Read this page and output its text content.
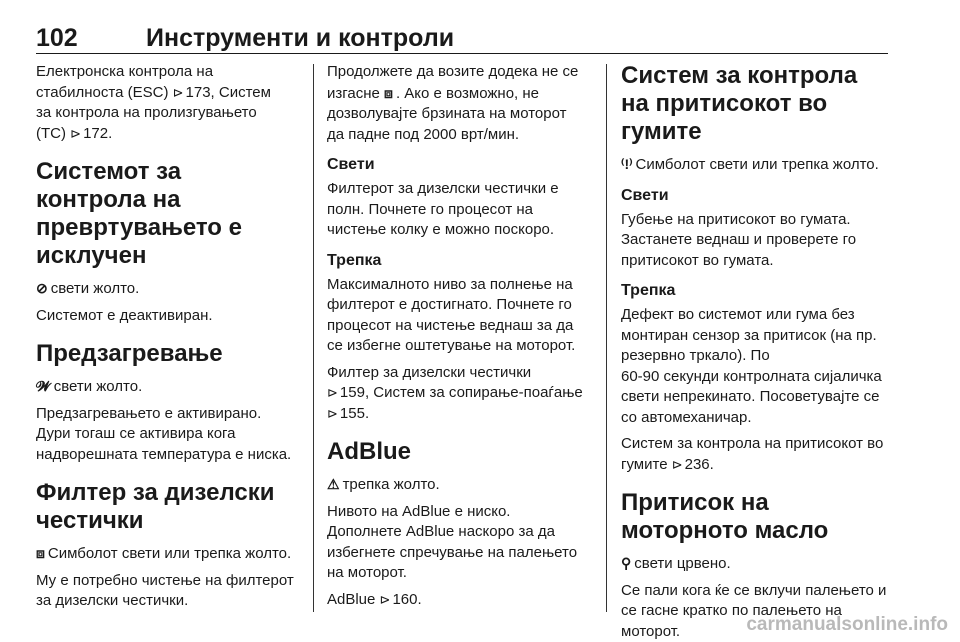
102	Инструменти и контроли

Електронска контрола на
стабилноста (ESC) ⊳ 173, Систем
за контрола на пролизгувањето
(TC) ⊳ 172.

Системот за контрола на превртувањето е исклучен

⊘ свети жолто.

Системот е деактивиран.

Предзагревање

𝓦 свети жолто.

Предзагревањето е активирано. Дури тогаш се активира кога надворешната температура е ниска.

Филтер за дизелски честички

⧈ Симболот свети или трепка жолто.

Му е потребно чистење на филтерот за дизелски честички.

Продолжете да возите додека не се изгасне ⧈ . Ако е возможно, не дозволувајте брзината на моторот да падне под 2000 врт/мин.

Свети

Филтерот за дизелски честички е полн. Почнете го процесот на чистење колку е можно поскоро.

Трепка

Максималното ниво за полнење на филтерот е достигнато. Почнете го процесот на чистење веднаш за да се избегне оштетување на моторот.

Филтер за дизелски честички
⊳ 159, Систем за сопирање-поаѓање ⊳ 155.

AdBlue

⚠ трепка жолто.

Нивото на AdBlue е ниско. Дополнете AdBlue наскоро за да избегнете спречување на палењето на моторот.

AdBlue ⊳ 160.

Систем за контрола на притисокот во гумите

⁽!⁾ Симболот свети или трепка жолто.

Свети

Губење на притисокот во гумата. Застанете веднаш и проверете го притисокот во гумата.

Трепка

Дефект во системот или гума без монтиран сензор за притисок (на пр. резервно тркало). По

60-90 секунди контролната сијаличка свети непрекинато. Посоветувајте се со автомеханичар.

Систем за контрола на притисокот во гумите ⊳ 236.

Притисок на моторното масло

⚲ свети црвено.

Се пали кога ќе се вклучи палењето и се гасне кратко по палењето на моторот.	carmanualsonline.info
